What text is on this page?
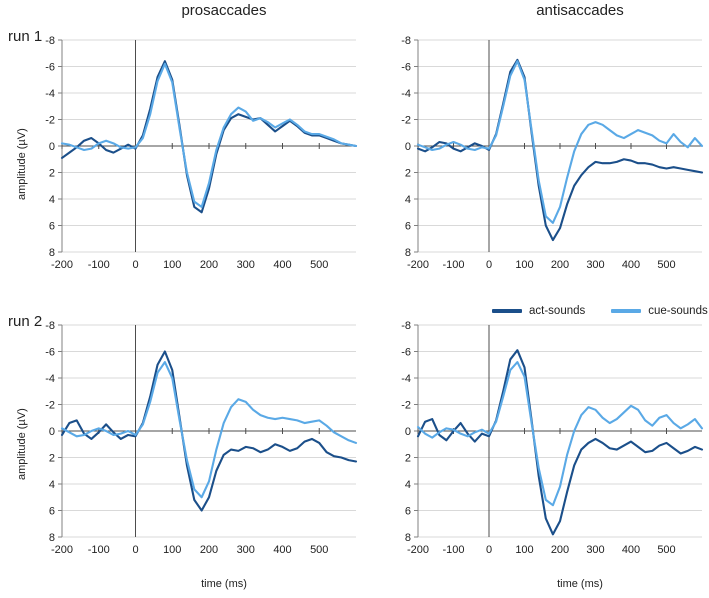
prosaccades	antisaccades
run 1
run 2
amplitude (µV)
amplitude (µV)
time (ms)	time (ms)
act-sounds	cue-sounds
-8
-6
-4
-2
0
2
4
6
8
-200 -100 0 100 200 300 400 500
-8
-6
-4
-2
0
2
4
6
8
-200 -100 0 100 200 300 400 500
-8
-6
-4
-2
0
2
4
6
8
-200 -100 0 100 200 300 400 500
-8
-6
-4
-2
0
2
4
6
8
-200 -100 0 100 200 300 400 500
